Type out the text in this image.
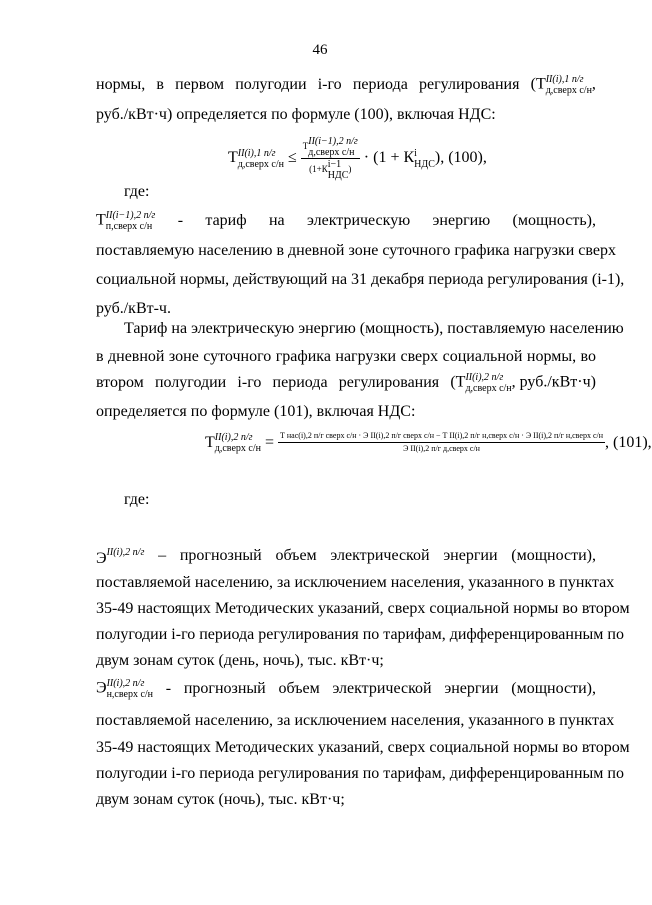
46
нормы, в первом полугодии i-го периода регулирования (Т II(i),1 п/г
д,сверх с/н ,
руб./кВт·ч) определяется по формуле (100), включая НДС:
Т II(i),1 п/г
д,сверх с/н ≤ Т II(i−1),2 п/г
д,сверх с/н
(1+К i−1
НДС
) · (1 + К i
НДС ), (100),
где:
Т II(i−1),2 п/г
п,сверх с/н - тариф на электрическую энергию (мощность),
поставляемую населению в дневной зоне суточного графика нагрузки сверх
социальной нормы, действующий на 31 декабря периода регулирования (i-1),
руб./кВт-ч.
Тариф на электрическую энергию (мощность), поставляемую населению
в дневной зоне суточного графика нагрузки сверх социальной нормы, во
втором полугодии i-го периода регулирования (Т II(i),2 п/г
д,сверх с/н , руб./кВт·ч)
определяется по формуле (101), включая НДС:
Т II(i),2 п/г
д,сверх с/н = Т нас(i),2 п/г сверх с/н · Э II(i),2 п/г сверх с/н − Т II(i),2 п/г н,сверх с/н · Э II(i),2 п/г н,сверх с/н
Э II(i),2 п/г д,сверх с/н	, (101),
где:
$Э^{II(i),2 п/г}$ – прогнозный объем электрической энергии (мощности),
поставляемой населению, за исключением населения, указанного в пунктах
35-49 настоящих Методических указаний, сверх социальной нормы во втором
полугодии i-го периода регулирования по тарифам, дифференцированным по
двум зонам суток (день, ночь), тыс. кВт·ч;
Э II(i),2 п/г
н,сверх с/н - прогнозный объем электрической энергии (мощности),
поставляемой населению, за исключением населения, указанного в пунктах
35-49 настоящих Методических указаний, сверх социальной нормы во втором
полугодии i-го периода регулирования по тарифам, дифференцированным по
двум зонам суток (ночь), тыс. кВт·ч;
